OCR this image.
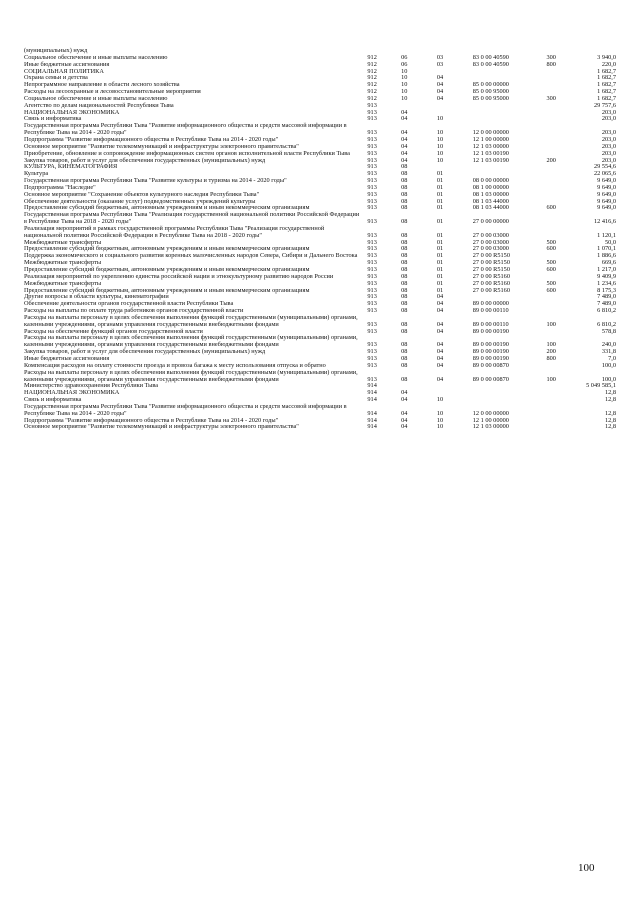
(муниципальных) нужд						
Социальное обеспечение и иные выплаты населению	912	06	03	83 0 00 40590	300	3 940,0
Иные бюджетные ассигнования	912	06	03	83 0 00 40590	800	220,0
СОЦИАЛЬНАЯ ПОЛИТИКА	912	10				1 682,7
Охрана семьи и детства	912	10	04			1 682,7
Непрограммное направление в области лесного хозяйства	912	10	04	85 0 00 00000		1 682,7
Расходы на лесоохранные и лесовосстановительные мероприятия	912	10	04	85 0 00 95000		1 682,7
Социальное обеспечение и иные выплаты населению	912	10	04	85 0 00 95000	300	1 682,7
Агентство по делам национальностей Республики Тыва	913					29 757,6
НАЦИОНАЛЬНАЯ ЭКОНОМИКА	913	04				203,0
Связь и информатика	913	04	10			203,0
Государственная программа Республики Тыва "Развитие информационного общества и средств массовой информации в Республике Тыва на 2014 - 2020 годы"	913	04	10	12 0 00 00000		203,0
Подпрограмма "Развитие информационного общества в Республике Тыва на 2014 - 2020 годы"	913	04	10	12 1 00 00000		203,0
Основное мероприятие "Развитие телекоммуникаций и инфраструктуры электронного правительства"	913	04	10	12 1 03 00000		203,0
Приобретение, обновление и сопровождение информационных систем органов исполнительной власти Республики Тыва	913	04	10	12 1 03 00190		203,0
Закупка товаров, работ и услуг для обеспечения государственных (муниципальных) нужд	913	04	10	12 1 03 00190	200	203,0
КУЛЬТУРА, КИНЕМАТОГРАФИЯ	913	08				29 554,6
Культура	913	08	01			22 065,6
Государственная программа Республики Тыва "Развитие культуры и туризма на 2014 - 2020 годы"	913	08	01	08 0 00 00000		9 649,0
Подпрограмма "Наследие"	913	08	01	08 1 00 00000		9 649,0
Основное мероприятие "Сохранение объектов культурного наследия Республики Тыва"	913	08	01	08 1 03 00000		9 649,0
Обеспечение деятельности (оказание услуг) подведомственных учреждений культуры	913	08	01	08 1 03 44000		9 649,0
Предоставление субсидий бюджетным, автономным учреждениям и иным некоммерческим организациям	913	08	01	08 1 03 44000	600	9 649,0
Государственная программа Республики Тыва "Реализация государственной национальной политики Российской Федерации в Республике Тыва на 2018 - 2020 годы"	913	08	01	27 0 00 00000		12 416,6
Реализация мероприятий в рамках государственной программы Республики Тыва "Реализация государственной национальной политики Российской Федерации в Республике Тыва на 2018 - 2020 годы"	913	08	01	27 0 00 03000		1 120,1
Межбюджетные трансферты	913	08	01	27 0 00 03000	500	50,0
Предоставление субсидий бюджетным, автономным учреждениям и иным некоммерческим организациям	913	08	01	27 0 00 03000	600	1 070,1
Поддержка экономического и социального развития коренных малочисленных народов Севера, Сибири и Дальнего Востока	913	08	01	27 0 00 R5150		1 886,6
Межбюджетные трансферты	913	08	01	27 0 00 R5150	500	669,6
Предоставление субсидий бюджетным, автономным учреждениям и иным некоммерческим организациям	913	08	01	27 0 00 R5150	600	1 217,0
Реализация мероприятий по укреплению единства российской нации и этнокультурному развитию народов России	913	08	01	27 0 00 R5160		9 409,9
Межбюджетные трансферты	913	08	01	27 0 00 R5160	500	1 234,6
Предоставление субсидий бюджетным, автономным учреждениям и иным некоммерческим организациям	913	08	01	27 0 00 R5160	600	8 175,3
Другие вопросы в области культуры, кинематографии	913	08	04			7 489,0
Обеспечение деятельности органов государственной власти Республики Тыва	913	08	04	89 0 00 00000		7 489,0
Расходы на выплаты по оплате труда работников органов государственной власти	913	08	04	89 0 00 00110		6 810,2
Расходы на выплаты персоналу в целях обеспечения выполнения функций государственными (муниципальными) органами, казенными учреждениями, органами управления государственными внебюджетными фондами	913	08	04	89 0 00 00110	100	6 810,2
Расходы на обеспечение функций органов государственной власти	913	08	04	89 0 00 00190		578,8
Расходы на выплаты персоналу в целях обеспечения выполнения функций государственными (муниципальными) органами, казенными учреждениями, органами управления государственными внебюджетными фондами	913	08	04	89 0 00 00190	100	240,0
Закупка товаров, работ и услуг для обеспечения государственных (муниципальных) нужд	913	08	04	89 0 00 00190	200	331,8
Иные бюджетные ассигнования	913	08	04	89 0 00 00190	800	7,0
Компенсация расходов на оплату стоимости проезда и провоза багажа к месту использования отпуска и обратно	913	08	04	89 0 00 00870		100,0
Расходы на выплаты персоналу в целях обеспечения выполнения функций государственными (муниципальными) органами, казенными учреждениями, органами управления государственными внебюджетными фондами	913	08	04	89 0 00 00870	100	100,0
Министерство здравоохранения Республики Тыва	914					5 049 585,1
НАЦИОНАЛЬНАЯ ЭКОНОМИКА	914	04				12,8
Связь и информатика	914	04	10			12,8
Государственная программа Республики Тыва "Развитие информационного общества и средств массовой информации в Республике Тыва на 2014 - 2020 годы"	914	04	10	12 0 00 00000		12,8
Подпрограмма "Развитие информационного общества в Республике Тыва на 2014 - 2020 годы"	914	04	10	12 1 00 00000		12,8
Основное мероприятие "Развитие телекоммуникаций и инфраструктуры электронного правительства"	914	04	10	12 1 03 00000		12,8
100
